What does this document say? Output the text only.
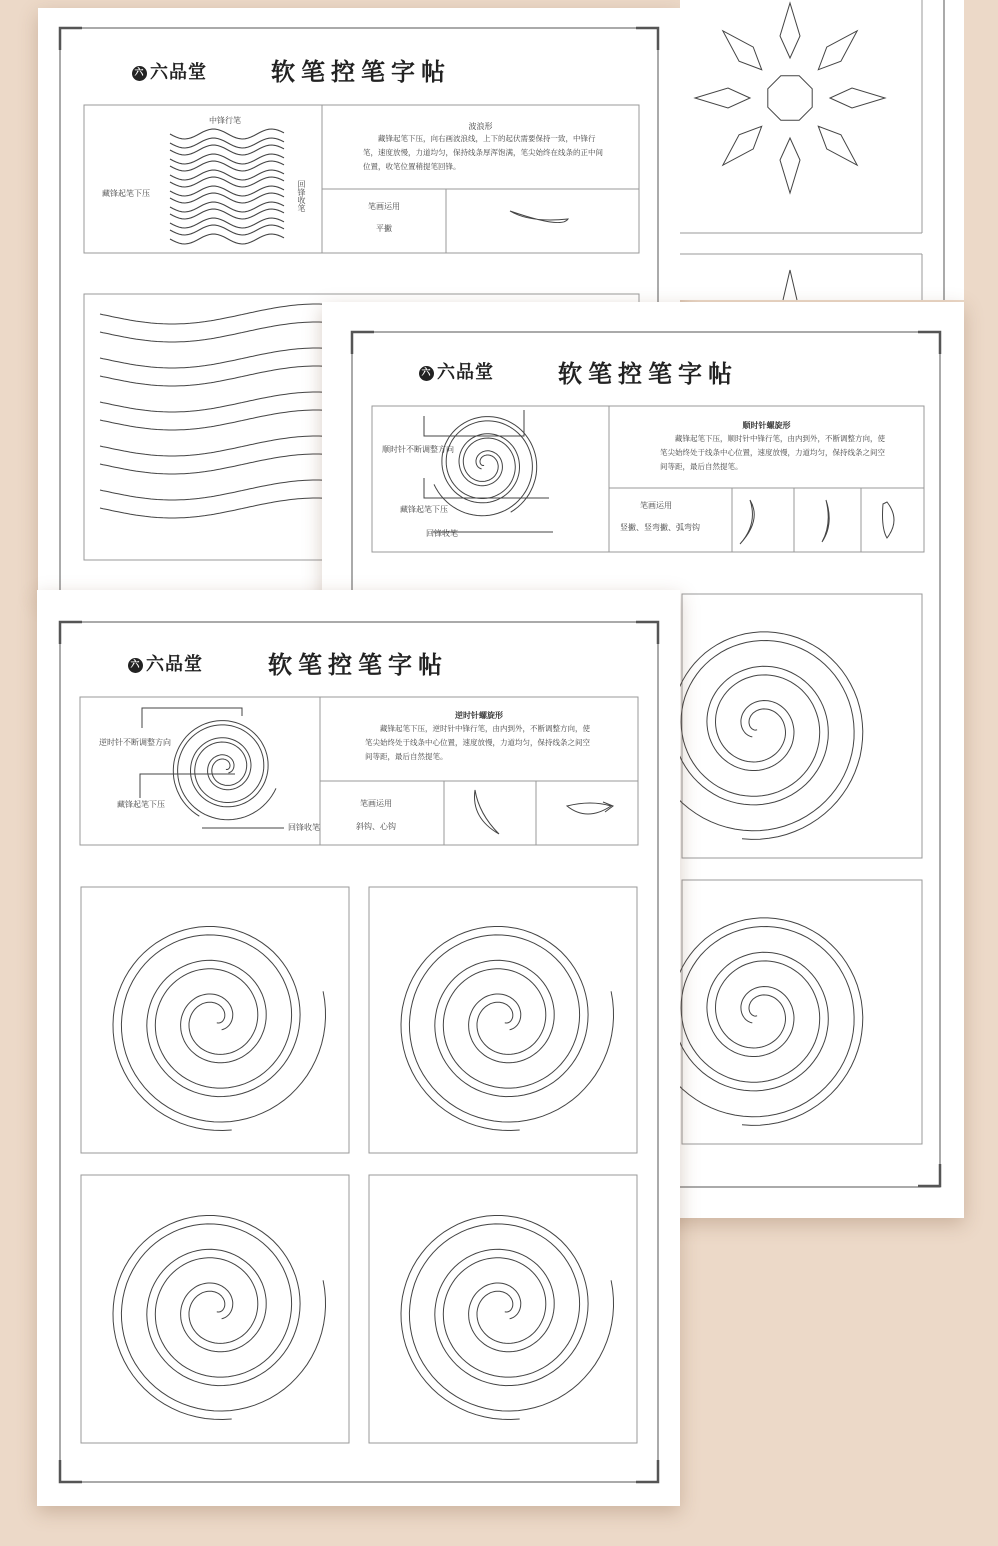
六 六品堂	软笔控笔字帖
中锋行笔
藏锋起笔下压	回锋收笔
波浪形
藏锋起笔下压，向右画波浪线，上下的起伏需要保持一致，中锋行笔，速度放慢，力道均匀，保持线条厚浑饱满，笔尖始终在线条的正中间位置，收笔位置稍提笔回锋。
笔画运用
平撇
六 六品堂	软笔控笔字帖
顺时针不断调整方向
藏锋起笔下压
回锋收笔
顺时针螺旋形
藏锋起笔下压，顺时针中锋行笔，由内到外，不断调整方向，使笔尖始终处于线条中心位置，速度放慢，力道均匀，保持线条之间空间等距，最后自然提笔。
笔画运用
竖撇、竖弯撇、弧弯钩
六 六品堂	软笔控笔字帖
逆时针不断调整方向
藏锋起笔下压
回锋收笔
逆时针螺旋形
藏锋起笔下压，逆时针中锋行笔，由内到外，不断调整方向，使笔尖始终处于线条中心位置，速度放慢，力道均匀，保持线条之间空间等距，最后自然提笔。
笔画运用
斜钩、心钩
